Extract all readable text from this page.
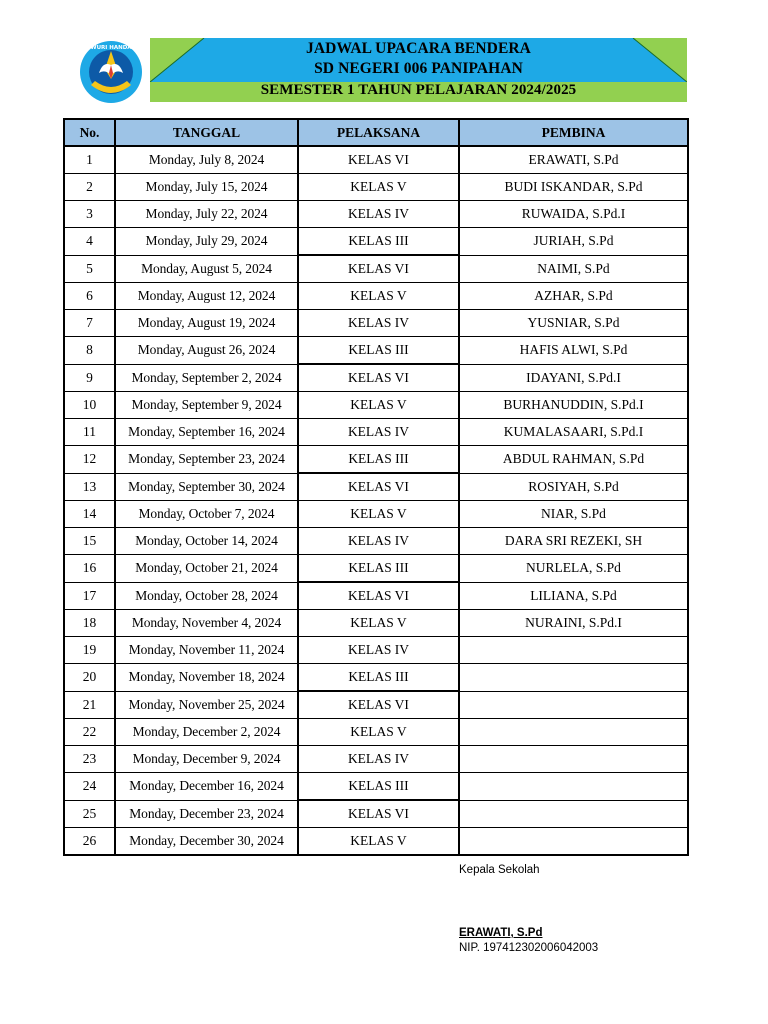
TUT WURI HANDAYANI	JADWAL UPACARA BENDERA
SD NEGERI 006 PANIPAHAN
SEMESTER 1 TAHUN PELAJARAN 2024/2025
No.	TANGGAL	PELAKSANA	PEMBINA
1	Monday, July 8, 2024	KELAS VI	ERAWATI, S.Pd
2	Monday, July 15, 2024	KELAS V	BUDI ISKANDAR, S.Pd
3	Monday, July 22, 2024	KELAS IV	RUWAIDA, S.Pd.I
4	Monday, July 29, 2024	KELAS III	JURIAH, S.Pd
5	Monday, August 5, 2024	KELAS VI	NAIMI, S.Pd
6	Monday, August 12, 2024	KELAS V	AZHAR, S.Pd
7	Monday, August 19, 2024	KELAS IV	YUSNIAR, S.Pd
8	Monday, August 26, 2024	KELAS III	HAFIS ALWI, S.Pd
9	Monday, September 2, 2024	KELAS VI	IDAYANI, S.Pd.I
10	Monday, September 9, 2024	KELAS V	BURHANUDDIN, S.Pd.I
11	Monday, September 16, 2024	KELAS IV	KUMALASAARI, S.Pd.I
12	Monday, September 23, 2024	KELAS III	ABDUL RAHMAN, S.Pd
13	Monday, September 30, 2024	KELAS VI	ROSIYAH, S.Pd
14	Monday, October 7, 2024	KELAS V	NIAR, S.Pd
15	Monday, October 14, 2024	KELAS IV	DARA SRI REZEKI, SH
16	Monday, October 21, 2024	KELAS III	NURLELA, S.Pd
17	Monday, October 28, 2024	KELAS VI	LILIANA, S.Pd
18	Monday, November 4, 2024	KELAS V	NURAINI, S.Pd.I
19	Monday, November 11, 2024	KELAS IV	
20	Monday, November 18, 2024	KELAS III	
21	Monday, November 25, 2024	KELAS VI	
22	Monday, December 2, 2024	KELAS V	
23	Monday, December 9, 2024	KELAS IV	
24	Monday, December 16, 2024	KELAS III	
25	Monday, December 23, 2024	KELAS VI	
26	Monday, December 30, 2024	KELAS V	
Kepala Sekolah
ERAWATI, S.Pd
NIP. 197412302006042003
